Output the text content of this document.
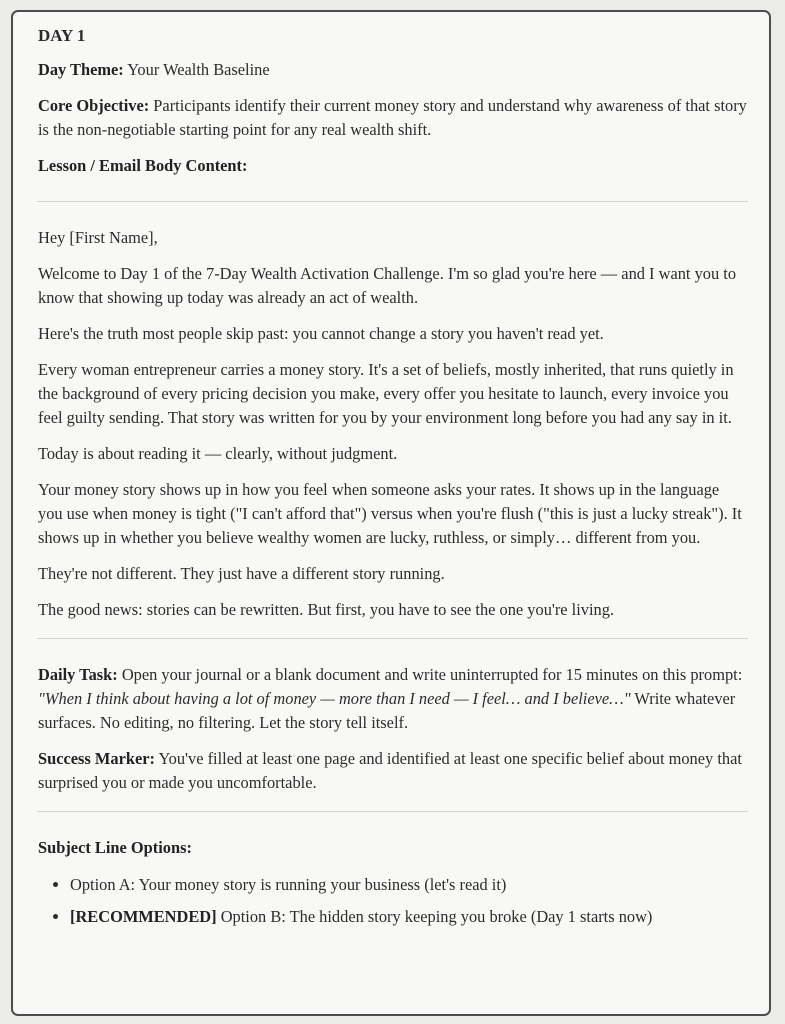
DAY 1

Day Theme: Your Wealth Baseline

Core Objective: Participants identify their current money story and understand why awareness of that story is the non-negotiable starting point for any real wealth shift.

Lesson / Email Body Content:

Hey [First Name],

Welcome to Day 1 of the 7-Day Wealth Activation Challenge. I'm so glad you're here — and I want you to know that showing up today was already an act of wealth.

Here's the truth most people skip past: you cannot change a story you haven't read yet.

Every woman entrepreneur carries a money story. It's a set of beliefs, mostly inherited, that runs quietly in the background of every pricing decision you make, every offer you hesitate to launch, every invoice you feel guilty sending. That story was written for you by your environment long before you had any say in it.

Today is about reading it — clearly, without judgment.

Your money story shows up in how you feel when someone asks your rates. It shows up in the language you use when money is tight ("I can't afford that") versus when you're flush ("this is just a lucky streak"). It shows up in whether you believe wealthy women are lucky, ruthless, or simply… different from you.

They're not different. They just have a different story running.

The good news: stories can be rewritten. But first, you have to see the one you're living.

Daily Task: Open your journal or a blank document and write uninterrupted for 15 minutes on this prompt: "When I think about having a lot of money — more than I need — I feel… and I believe…" Write whatever surfaces. No editing, no filtering. Let the story tell itself.

Success Marker: You've filled at least one page and identified at least one specific belief about money that surprised you or made you uncomfortable.

Subject Line Options:

• Option A: Your money story is running your business (let's read it)
• [RECOMMENDED] Option B: The hidden story keeping you broke (Day 1 starts now)
